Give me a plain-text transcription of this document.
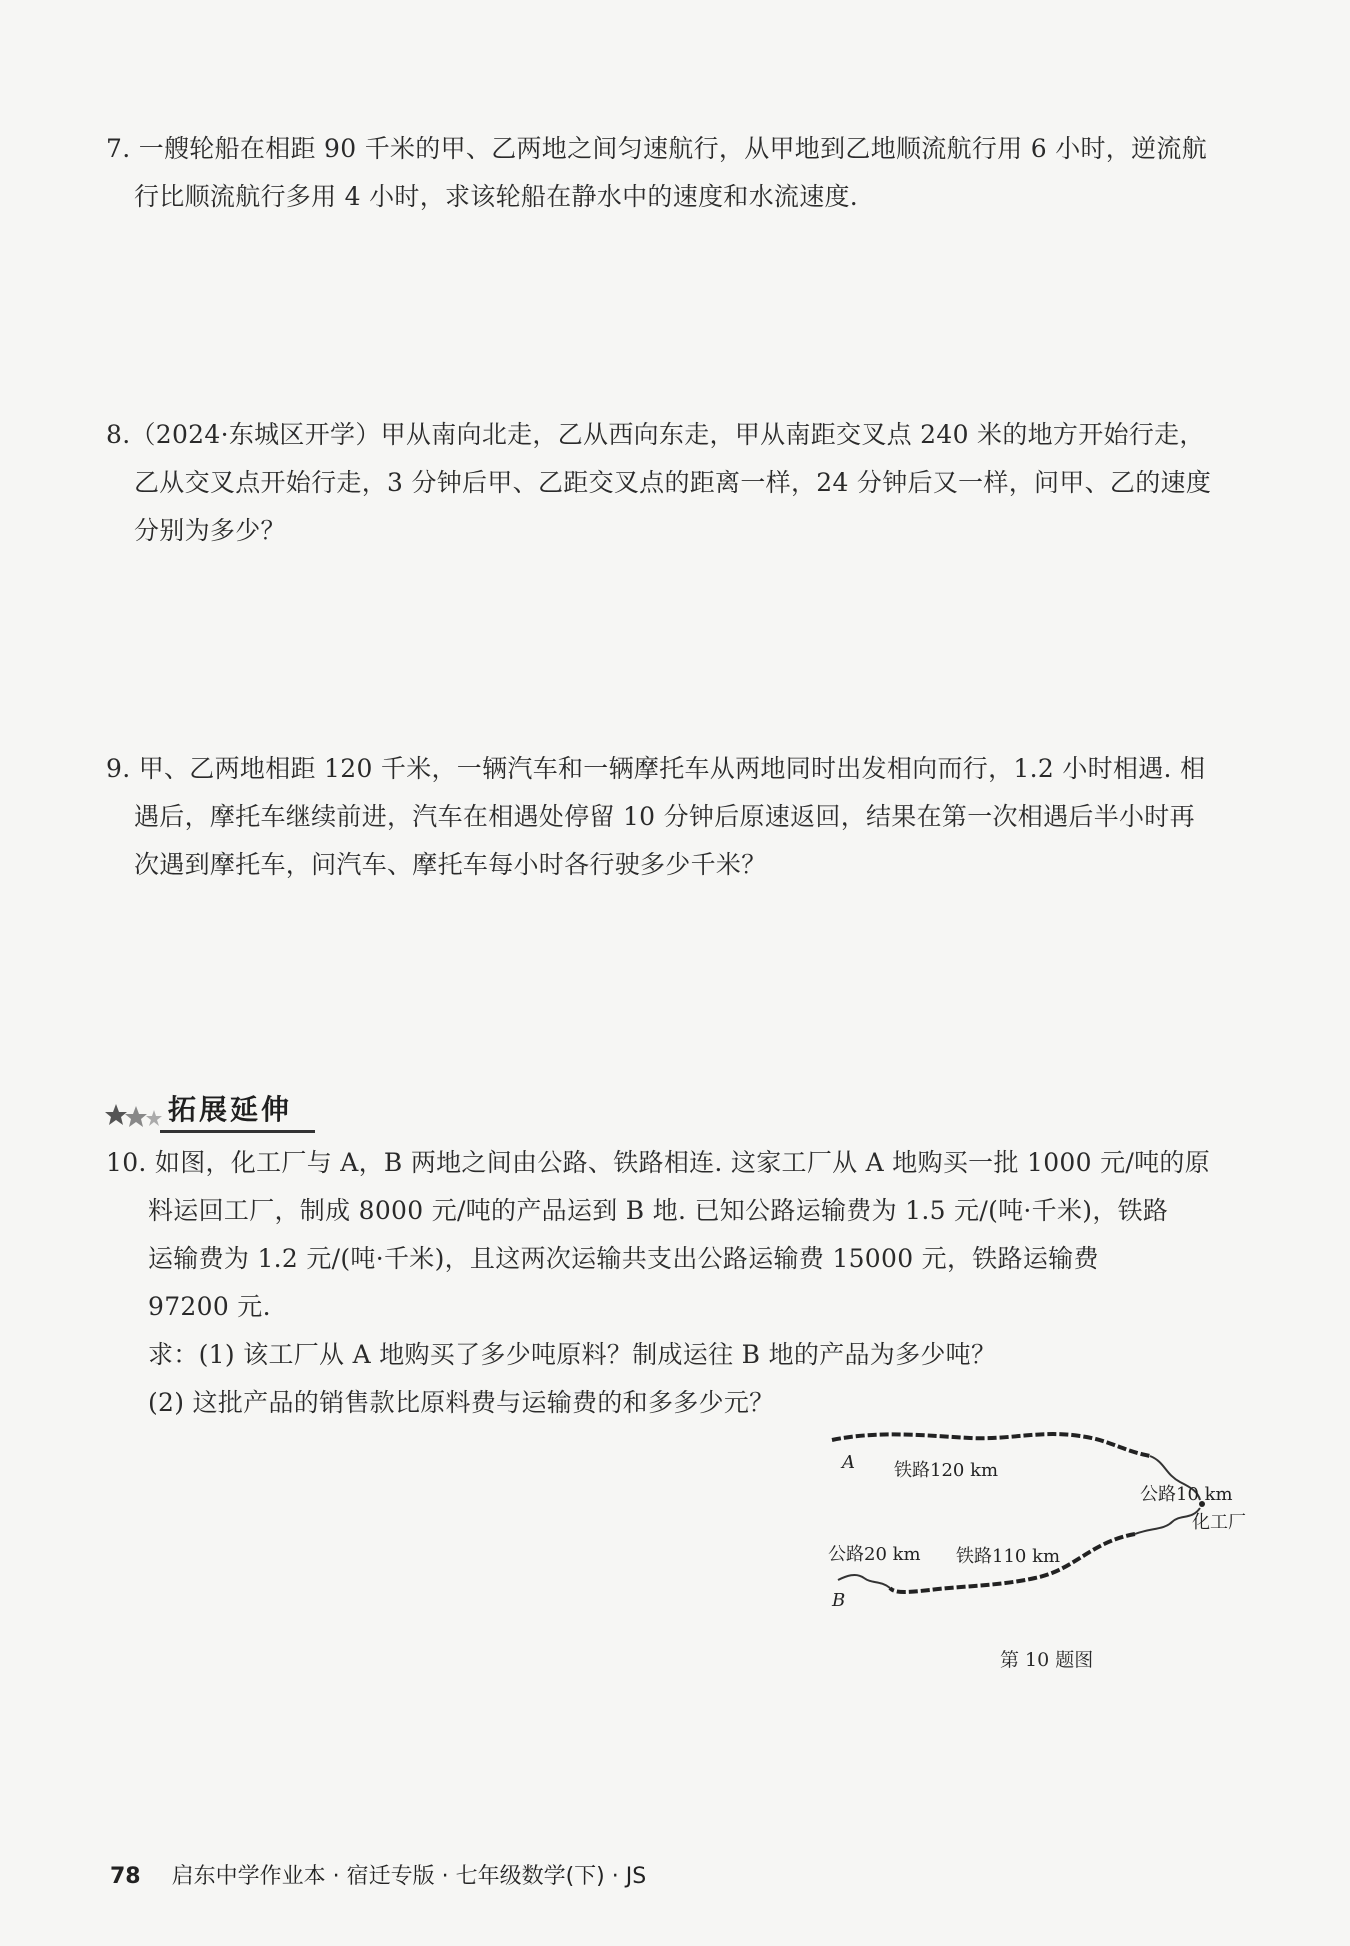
7. 一艘轮船在相距 90 千米的甲、乙两地之间匀速航行，从甲地到乙地顺流航行用 6 小时，逆流航
行比顺流航行多用 4 小时，求该轮船在静水中的速度和水流速度.
8.（2024·东城区开学）甲从南向北走，乙从西向东走，甲从南距交叉点 240 米的地方开始行走，
乙从交叉点开始行走，3 分钟后甲、乙距交叉点的距离一样，24 分钟后又一样，问甲、乙的速度
分别为多少？
9. 甲、乙两地相距 120 千米，一辆汽车和一辆摩托车从两地同时出发相向而行，1.2 小时相遇. 相
遇后，摩托车继续前进，汽车在相遇处停留 10 分钟后原速返回，结果在第一次相遇后半小时再
次遇到摩托车，问汽车、摩托车每小时各行驶多少千米？
拓展延伸
10. 如图，化工厂与 A，B 两地之间由公路、铁路相连. 这家工厂从 A 地购买一批 1000 元/吨的原
料运回工厂，制成 8000 元/吨的产品运到 B 地. 已知公路运输费为 1.5 元/(吨·千米)，铁路
运输费为 1.2 元/(吨·千米)，且这两次运输共支出公路运输费 15000 元，铁路运输费
97200 元.
求：(1) 该工厂从 A 地购买了多少吨原料？制成运往 B 地的产品为多少吨？
(2) 这批产品的销售款比原料费与运输费的和多多少元？
A 铁路120 km
公路10 km
化工厂
公路20 km 铁路110 km
B
第 10 题图
78 启东中学作业本 · 宿迁专版 · 七年级数学(下) · JS
